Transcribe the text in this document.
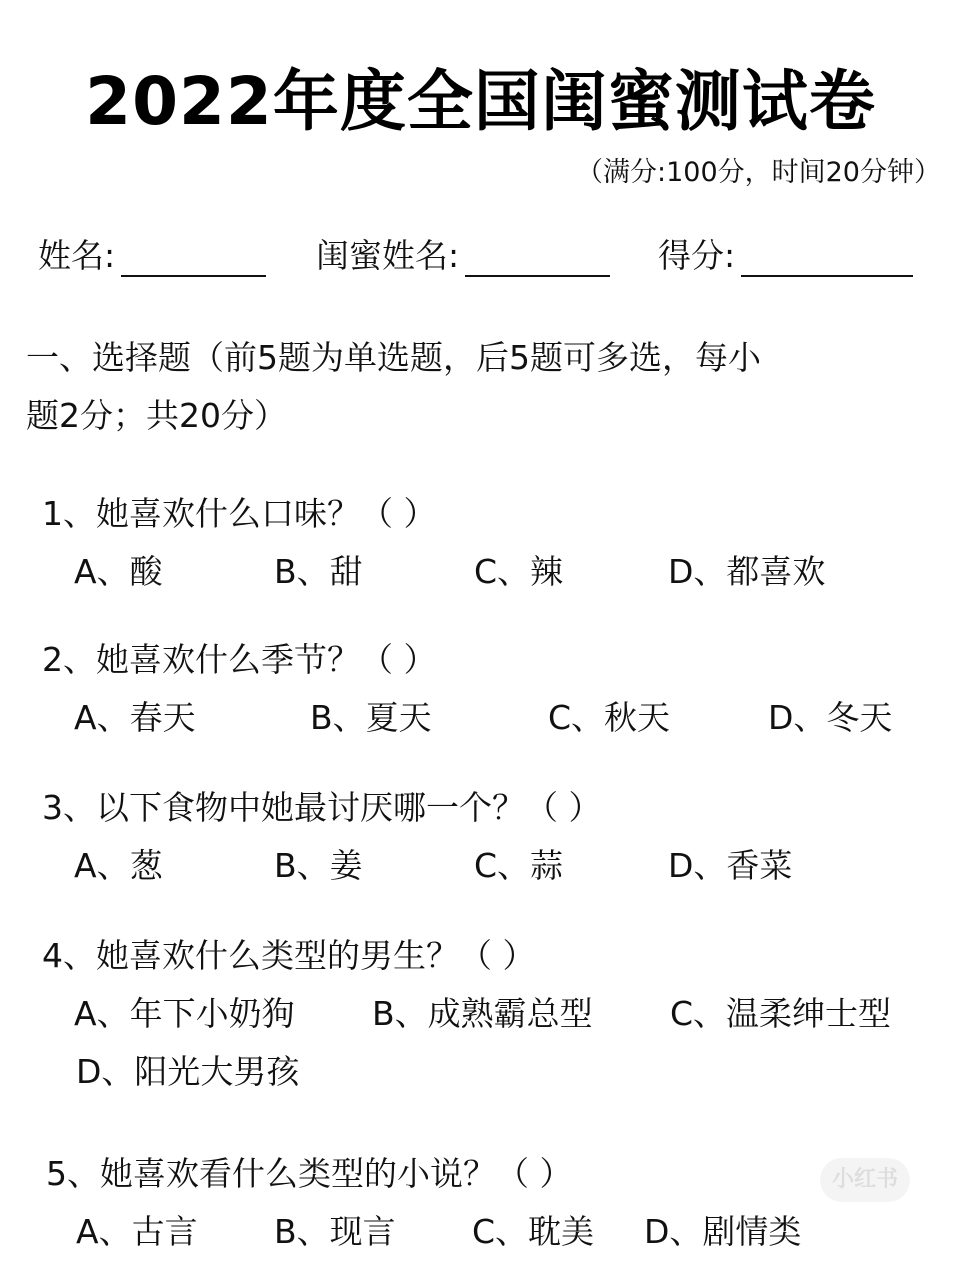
2022年度全国闺蜜测试卷
（满分:100分，时间20分钟）
姓名:	闺蜜姓名:	得分:
一、选择题（前5题为单选题，后5题可多选，每小
题2分；共20分）
1、她喜欢什么口味？（ ）
A、酸	B、甜	C、辣	D、都喜欢
2、她喜欢什么季节？（ ）
A、春天	B、夏天	C、秋天	D、冬天
3、以下食物中她最讨厌哪一个？（ ）
A、葱	B、姜	C、蒜	D、香菜
4、她喜欢什么类型的男生？（ ）
A、年下小奶狗 B、成熟霸总型 C、温柔绅士型
D、阳光大男孩
5、她喜欢看什么类型的小说？（ ）
A、古言 B、现言 C、耽美 D、剧情类
小红书
